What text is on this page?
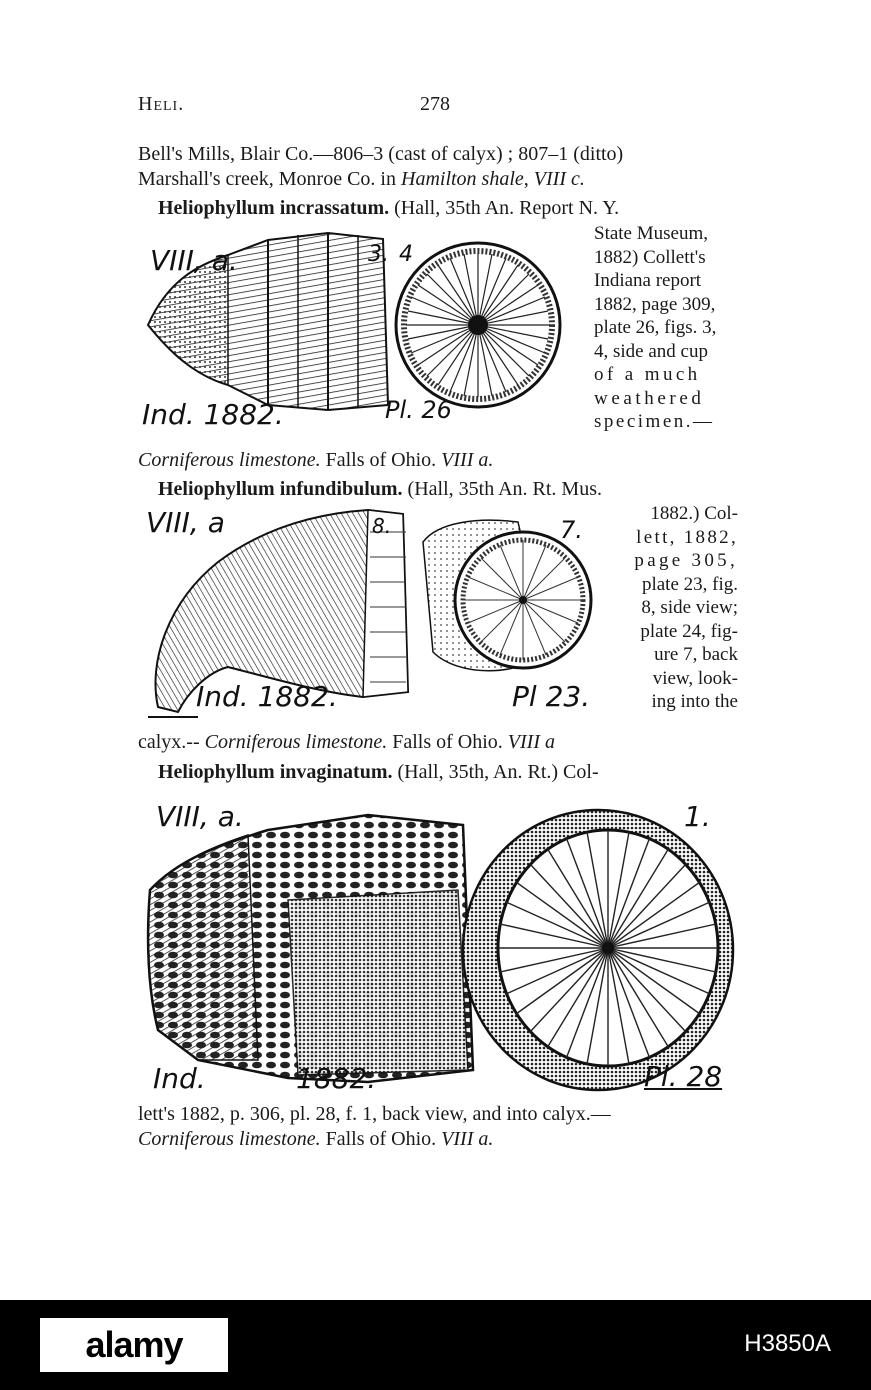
Heli.	278
Bell's Mills, Blair Co.—806–3 (cast of calyx) ; 807–1 (ditto)
Marshall's creek, Monroe Co. in Hamilton shale, VIII c.
Heliophyllum incrassatum. (Hall, 35th An. Report N. Y.
VIII, a.	3. 4
Ind. 1882.	Pl. 26
State Museum,
1882) Collett's
Indiana report
1882, page 309,
plate 26, figs. 3,
4, side and cup
of a much
weathered
specimen.—
Corniferous limestone. Falls of Ohio. VIII a.
Heliophyllum infundibulum. (Hall, 35th An. Rt. Mus.
VIII, a	8.	7.
Ind. 1882.	Pl 23.
1882.) Col-
lett, 1882,
page 305,
plate 23, fig.
8, side view;
plate 24, fig-
ure 7, back
view, look-
ing into the
calyx.-- Corniferous limestone. Falls of Ohio. VIII a
Heliophyllum invaginatum. (Hall, 35th, An. Rt.) Col-
VIII, a.	1.
Ind.	1882.	Pl. 28
lett's 1882, p. 306, pl. 28, f. 1, back view, and into calyx.—
Corniferous limestone. Falls of Ohio. VIII a.
alamy	H3850A
